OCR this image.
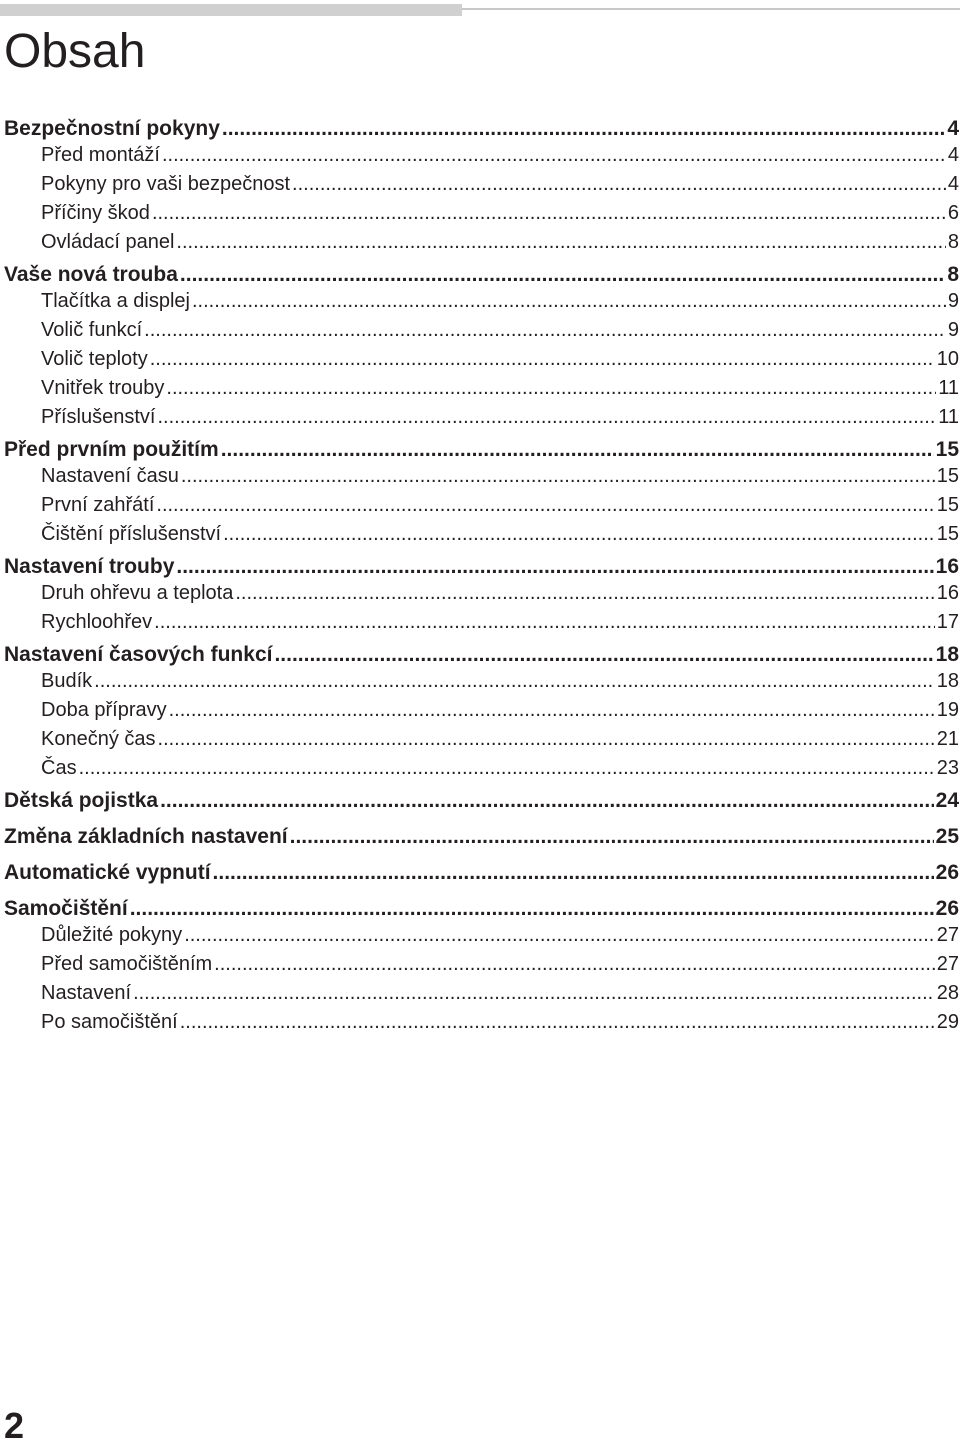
Obsah
Bezpečnostní pokyny .....	4
Před montáží .....	4
Pokyny pro vaši bezpečnost .....	4
Příčiny škod .....	6
Ovládací panel .....	8
Vaše nová trouba .....	8
Tlačítka a displej .....	9
Volič funkcí .....	9
Volič teploty .....	10
Vnitřek trouby .....	11
Příslušenství .....	11
Před prvním použitím .....	15
Nastavení času .....	15
První zahřátí .....	15
Čištění příslušenství .....	15
Nastavení trouby .....	16
Druh ohřevu a teplota .....	16
Rychloohřev .....	17
Nastavení časových funkcí .....	18
Budík .....	18
Doba přípravy .....	19
Konečný čas .....	21
Čas .....	23
Dětská pojistka .....	24
Změna základních nastavení .....	25
Automatické vypnutí .....	26
Samočištění .....	26
Důležité pokyny .....	27
Před samočištěním .....	27
Nastavení .....	28
Po samočištění .....	29
2
